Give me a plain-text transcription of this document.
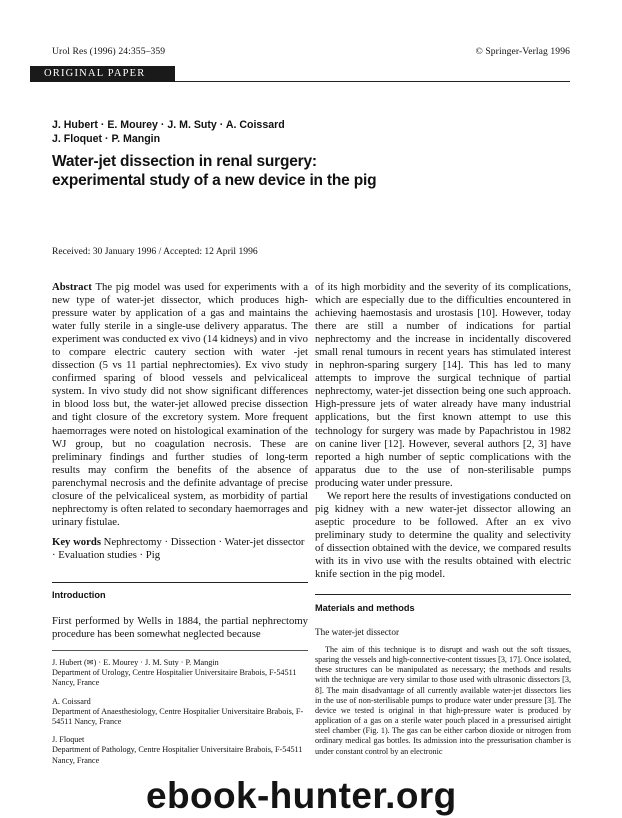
Urol Res (1996) 24:355–359	© Springer-Verlag 1996
ORIGINAL PAPER
J. Hubert · E. Mourey · J. M. Suty · A. Coissard
J. Floquet · P. Mangin
Water-jet dissection in renal surgery:
experimental study of a new device in the pig
Received: 30 January 1996 / Accepted: 12 April 1996

Abstract The pig model was used for experiments with a new type of water-jet dissector, which produces high-pressure water by application of a gas and maintains the water fully sterile in a single-use delivery apparatus. The experiment was conducted ex vivo (14 kidneys) and in vivo to compare electric cautery section with water -jet dissection (5 vs 11 partial nephrectomies). Ex vivo study confirmed sparing of blood vessels and pelvicaliceal system. In vivo study did not show significant differences in blood loss but, the water-jet allowed precise dissection and tight closure of the excretory system. More frequent haemorrages were noted on histological examination of the WJ group, but no coagulation necrosis. These are preliminary findings and further studies of long-term results may confirm the benefits of the absence of parenchymal necrosis and the definite advantage of precise closure of the pelvicaliceal system, as morbidity of partial nephrectomy is often related to secondary haemorrages and urinary fistulae.

Key words Nephrectomy · Dissection · Water-jet dissector · Evaluation studies · Pig
Introduction
First performed by Wells in 1884, the partial nephrectomy procedure has been somewhat neglected because

J. Hubert (✉) · E. Mourey · J. M. Suty · P. Mangin
Department of Urology, Centre Hospitalier Universitaire Brabois, F-54511 Nancy, France

A. Coissard
Department of Anaesthesiology, Centre Hospitalier Universitaire Brabois, F-54511 Nancy, France

J. Floquet
Department of Pathology, Centre Hospitalier Universitaire Brabois, F-54511 Nancy, France

of its high morbidity and the severity of its complications, which are especially due to the difficulties encountered in achieving haemostasis and urostasis [10]. However, today there are still a number of indications for partial nephrectomy and the increase in incidentally discovered small renal tumours in recent years has stimulated interest in nephron-sparing surgery [14]. This has led to many attempts to improve the surgical technique of partial nephrectomy, water-jet dissection being one such approach. High-pressure jets of water already have many industrial applications, but the first known attempt to use this technology for surgery was made by Papachristou in 1982 on canine liver [12]. However, several authors [2, 3] have reported a high number of septic complications with the apparatus due to the use of non-sterilisable pumps producing water under pressure.

We report here the results of investigations conducted on pig kidney with a new water-jet dissector allowing an aseptic procedure to be followed. After an ex vivo preliminary study to determine the quality and selectivity of dissection obtained with the device, we compared results with its in vivo use with the results obtained with electric knife section in the pig model.

Materials and methods
The water-jet dissector

The aim of this technique is to disrupt and wash out the soft tissues, sparing the vessels and high-connective-content tissues [3, 17]. Once isolated, these structures can be manipulated as necessary; the methods and results with the technique are very similar to those used with ultrasonic dissectors [3, 8]. The main disadvantage of all currently available water-jet dissectors lies in the use of non-sterilisable pumps to produce water under pressure [3]. The device we tested is original in that high-pressure water is produced by application of a gas on a sterile water pouch placed in a pressurised airtight steel chamber (Fig. 1). The gas can be either carbon dioxide or nitrogen from ordinary medical gas bottles. Its admission into the pressurisation chamber is under constant control by an electronic

ebook-hunter.org
